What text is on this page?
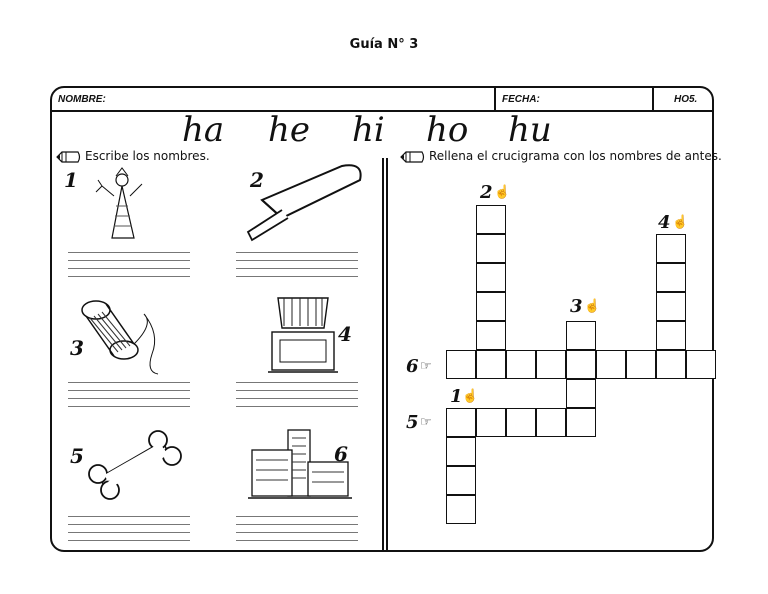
Guía N° 3
NOMBRE:	FECHA:	HO5.
ha he hi ho hu
Escribe los nombres.	Rellena el crucigrama con los nombres de antes.
1	2
3
4
5	6
2 ☝
4 ☝
3 ☝
6 ☞
1 ☝
5 ☞
